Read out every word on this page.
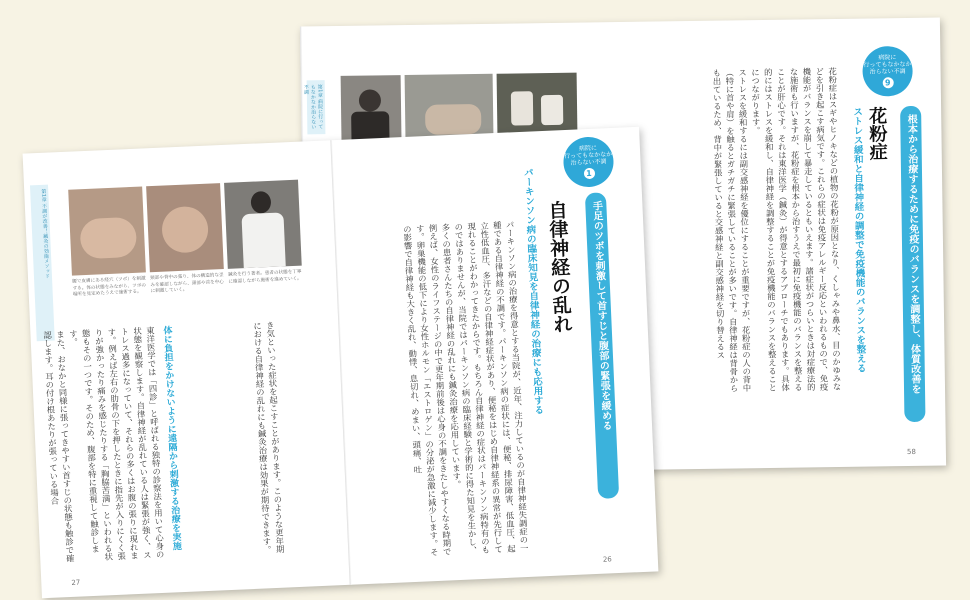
第1章 病院に行ってもなかなか治らない不調	花粉症はスギやヒノキなどの植物の花粉が原因となり、くしゃみや鼻水、目のかゆみなどを引き起こす病気です。これらの症状は免疫アレルギー反応といわれるもので、免疫機能がバランスを崩して暴走しているともいえます。諸症状がつらいときは対症療法的な施術も行いますが、花粉症を根本から治すうえで最初に免疫機能のバランスを整えることが肝心です。それは東洋医学（鍼灸）が得意とするアプローチでもあります。具体的にはストレスを緩和し、自律神経を調整することが免疫機能のバランスを整えることにつながります。
ストレスを緩和するには副交感神経を優位にすることが重要ですが、花粉症の人の背中（特に首や肩）を触るとガチガチに緊張していることが多いです。自律神経は背骨からも出ているため、背中が緊張していると交感神経と副交感神経を切り替えるス	ストレス緩和と自律神経の調整で免疫機能のバランスを整える 花粉症	根本から治療するために免疫のバランスを調整し、体質改善を
病院に
行ってもなかなか
治らない不調
9
58
第1章 不調が改善！鍼灸の効能メソッド
腰で皮膚にある経穴（ツボ）を刺激する。体の状態をみながら、ツボの場所を見定めたうえで施術する。
頸部や背中の張り、体の構造的な歪みを確認しながら、頭部や首を中心に刺激していく。
鍼灸を行う著者。患者の状態を丁寧に確認しながら施術を進めていく。
東洋医学では「四診」と呼ばれる独特の診察法を用いて心身の状態を観察します。自律神経が乱れている人は緊張が強く、ストレス過多になっていて、それらの多くはお腹の張りに現れます。例えば左右の肋骨の下を押したときに指先が入りにくく張りが強かったり痛みを感じたりする「胸脇苦満」といわれる状態もその一つです。そのため、腹部を特に重視して触診します。
また、おなかと同様に張ってきやすい首すじの状態も触診で確認します。耳の付け根あたりが張っている場合	体に負担をかけないように遠隔から刺激する治療を実施	き気といった症状を起こすことがあります。このような更年期における自律神経の乱れにも鍼灸治療は効果が期待できます。
27
パーキンソン病の治療を得意とする当院が、近年、注力しているのが自律神経失調症の一種である自律神経の不調です。パーキンソン病の症状には、便秘、排尿障害、低血圧、起立性低血圧、多汗などの自律神経症状があり、便秘をはじめ自律神経系の異常が先行して現れることがわかってきたからです。もちろん自律神経の症状はパーキンソン病特有のものではありませんが、当院ではパーキンソン病の臨床経験と学術的に得た知見を生かし、多くの患者さんたちの自律神経の乱れにも鍼灸治療を応用しています。
例えば、女性のライフステージの中で更年期前後は心身の不調をきたしやすくなる時期です。卵巣機能の低下により女性ホルモン「エストロゲン」の分泌が急激に減少します。その影響で自律神経も大きく乱れ、動悸、息切れ、めまい、頭痛、吐	パーキンソン病の臨床知見を自律神経の治療にも応用する 自律神経の乱れ	手足のツボを刺激して首すじと腹部の緊張を緩める
病院に
行ってもなかなか
治らない不調
1
26
